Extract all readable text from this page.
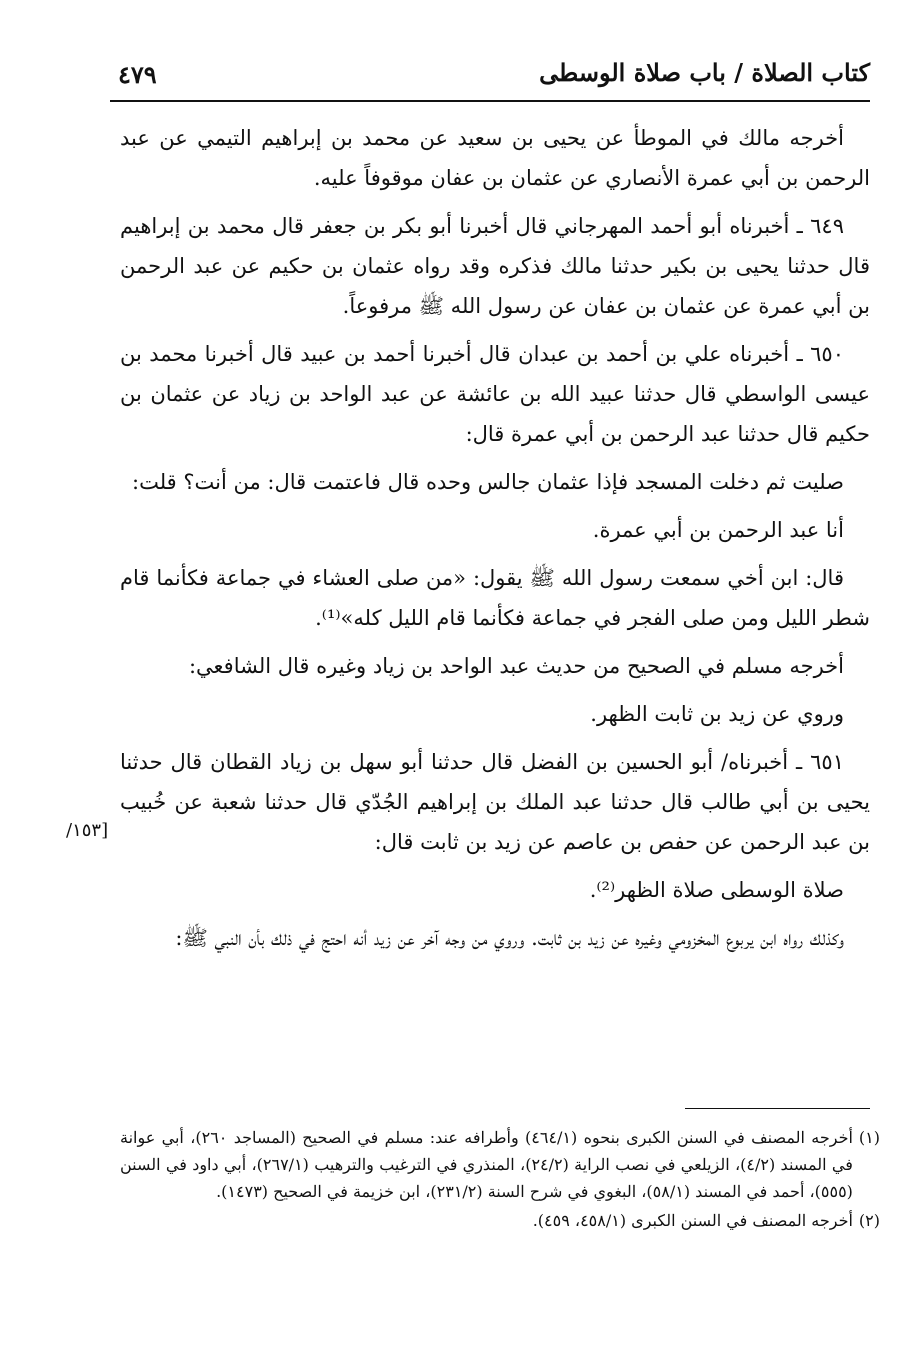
كتاب الصلاة / باب صلاة الوسطى
٤٧٩

أخرجه مالك في الموطأ عن يحيى بن سعيد عن محمد بن إبراهيم التيمي عن عبد الرحمن بن أبي عمرة الأنصاري عن عثمان بن عفان موقوفاً عليه.

٦٤٩ ـ أخبرناه أبو أحمد المهرجاني قال أخبرنا أبو بكر بن جعفر قال محمد بن إبراهيم قال حدثنا يحيى بن بكير حدثنا مالك فذكره وقد رواه عثمان بن حكيم عن عبد الرحمن بن أبي عمرة عن عثمان بن عفان عن رسول الله ﷺ مرفوعاً.

٦٥٠ ـ أخبرناه علي بن أحمد بن عبدان قال أخبرنا أحمد بن عبيد قال أخبرنا محمد بن عيسى الواسطي قال حدثنا عبيد الله بن عائشة عن عبد الواحد بن زياد عن عثمان بن حكيم قال حدثنا عبد الرحمن بن أبي عمرة قال:

صليت ثم دخلت المسجد فإذا عثمان جالس وحده قال فاعتمت قال: من أنت؟ قلت:

أنا عبد الرحمن بن أبي عمرة.

قال: ابن أخي سمعت رسول الله ﷺ يقول: «من صلى العشاء في جماعة فكأنما قام شطر الليل ومن صلى الفجر في جماعة فكأنما قام الليل كله»⁽¹⁾.

أخرجه مسلم في الصحيح من حديث عبد الواحد بن زياد وغيره قال الشافعي:

وروي عن زيد بن ثابت الظهر.

٦٥١ ـ أخبرناه/ أبو الحسين بن الفضل قال حدثنا أبو سهل بن زياد القطان قال حدثنا يحيى بن أبي طالب قال حدثنا عبد الملك بن إبراهيم الجُدّي قال حدثنا شعبة عن خُبيب بن عبد الرحمن عن حفص بن عاصم عن زيد بن ثابت قال:

صلاة الوسطى صلاة الظهر⁽²⁾.

وكذلك رواه ابن يربوع المخزومي وغيره عن زيد بن ثابت. وروي من وجه آخر عن زيد أنه احتج في ذلك بأن النبي ﷺ:

[١٥٣/
(١)
أخرجه المصنف في السنن الكبرى بنحوه (٤٦٤/١) وأطرافه عند: مسلم في الصحيح (المساجد ٢٦٠)، أبي عوانة في المسند (٤/٢)، الزيلعي في نصب الراية (٢٤/٢)، المنذري في الترغيب والترهيب (٢٦٧/١)، أبي داود في السنن (٥٥٥)، أحمد في المسند (٥٨/١)، البغوي في شرح السنة (٢٣١/٢)، ابن خزيمة في الصحيح (١٤٧٣).
(٢)
أخرجه المصنف في السنن الكبرى (٤٥٨/١، ٤٥٩).
